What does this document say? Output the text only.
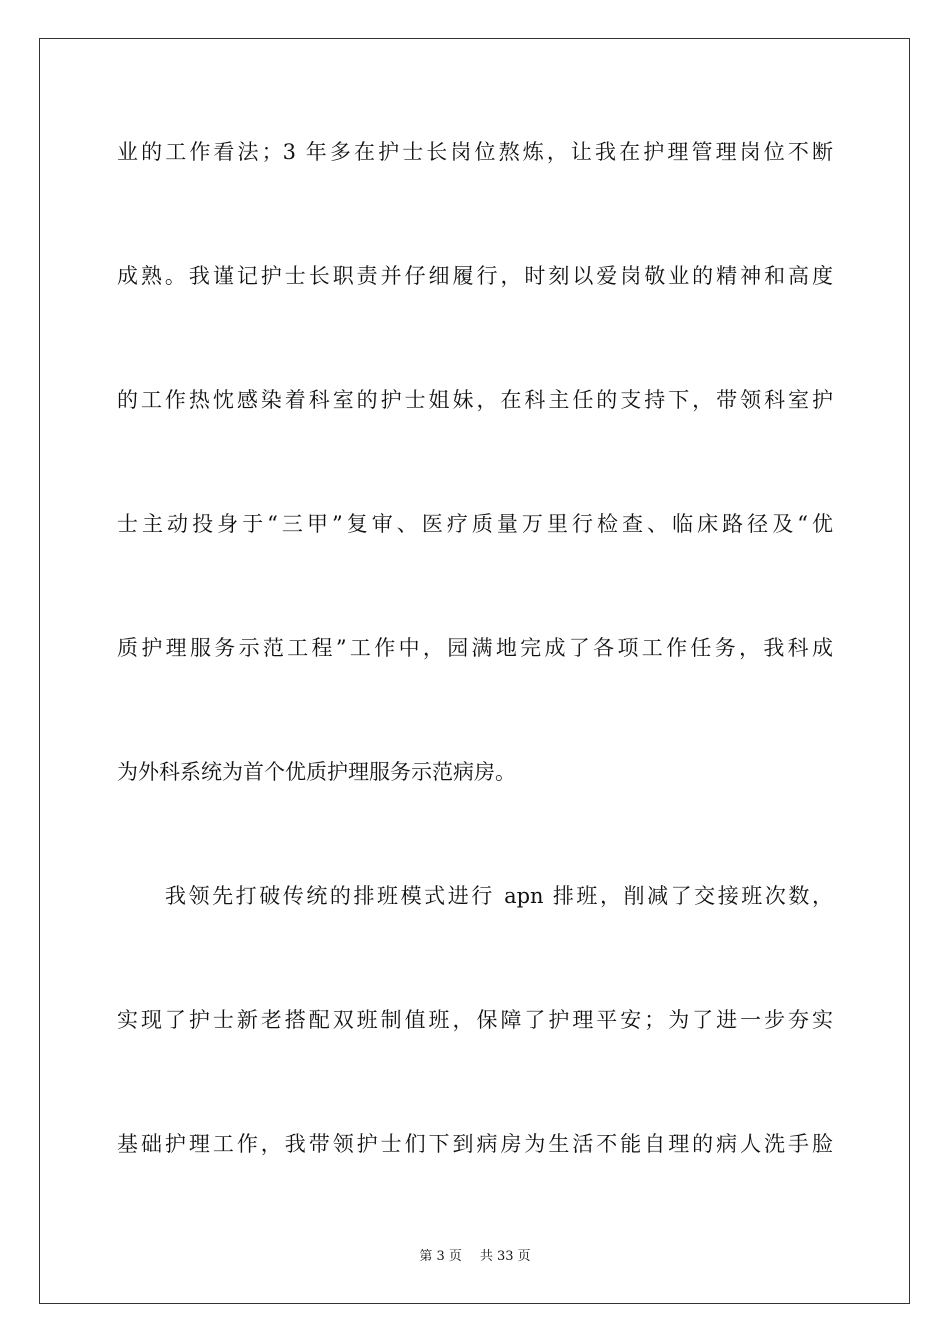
业的工作看法；3 年多在护士长岗位熬炼，让我在护理管理岗位不断

成熟。我谨记护士长职责并仔细履行，时刻以爱岗敬业的精神和高度

的工作热忱感染着科室的护士姐妹，在科主任的支持下，带领科室护

士主动投身于“三甲”复审、医疗质量万里行检查、临床路径及“优

质护理服务示范工程”工作中，园满地完成了各项工作任务，我科成

为外科系统为首个优质护理服务示范病房。

我领先打破传统的排班模式进行 apn 排班，削减了交接班次数，

实现了护士新老搭配双班制值班，保障了护理平安；为了进一步夯实

基础护理工作，我带领护士们下到病房为生活不能自理的病人洗手脸

第 3 页 共 33 页
